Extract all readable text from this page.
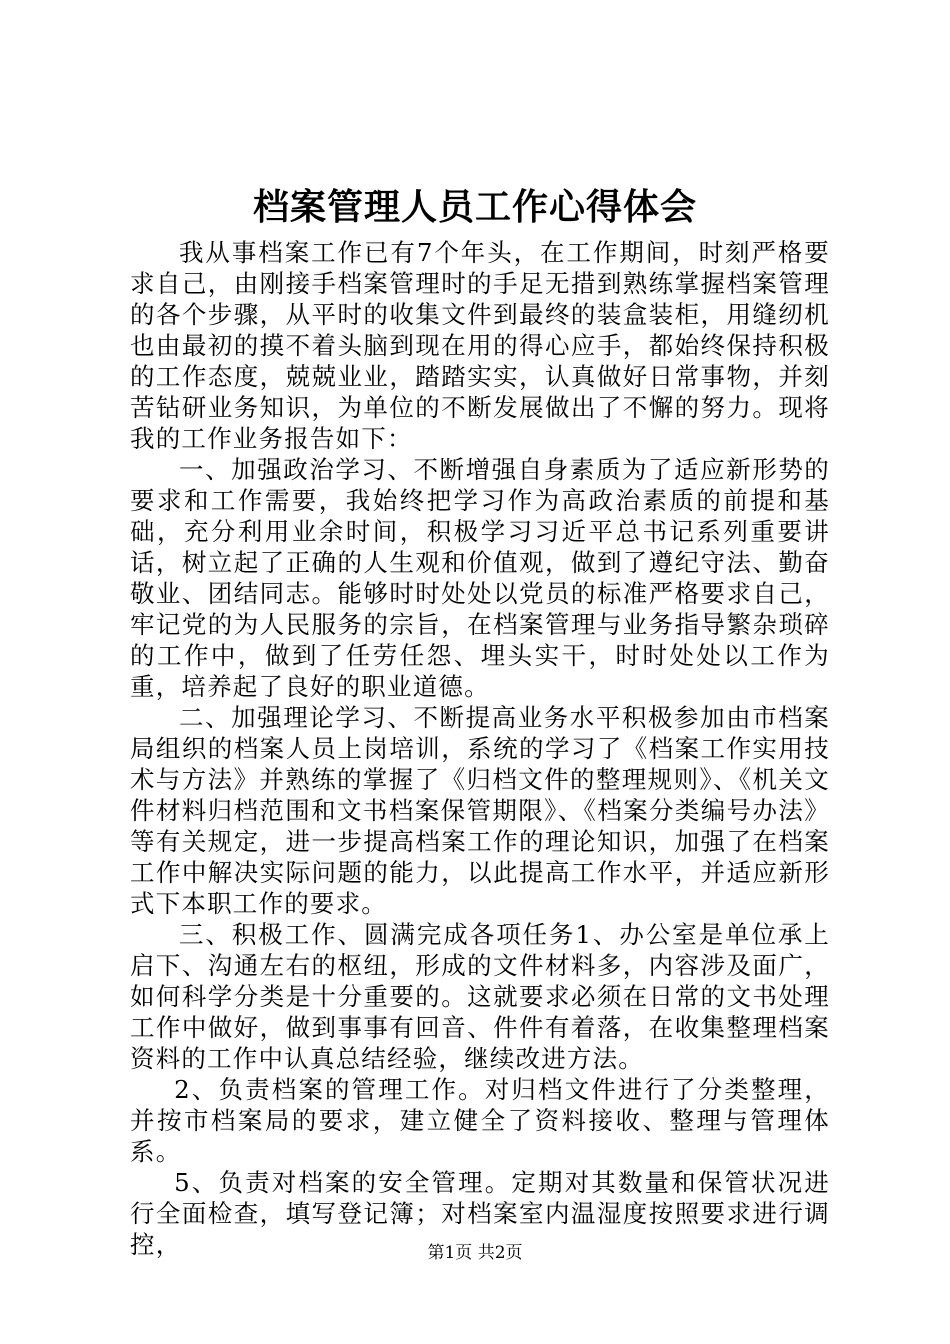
档案管理人员工作心得体会

我从事档案工作已有7个年头，在工作期间，时刻严格要求自己，由刚接手档案管理时的手足无措到熟练掌握档案管理的各个步骤，从平时的收集文件到最终的装盒装柜，用缝纫机也由最初的摸不着头脑到现在用的得心应手，都始终保持积极的工作态度，兢兢业业，踏踏实实，认真做好日常事物，并刻苦钻研业务知识，为单位的不断发展做出了不懈的努力。现将我的工作业务报告如下：

一、加强政治学习、不断增强自身素质为了适应新形势的要求和工作需要，我始终把学习作为高政治素质的前提和基础，充分利用业余时间，积极学习习近平总书记系列重要讲话，树立起了正确的人生观和价值观，做到了遵纪守法、勤奋敬业、团结同志。能够时时处处以党员的标准严格要求自己，牢记党的为人民服务的宗旨，在档案管理与业务指导繁杂琐碎的工作中，做到了任劳任怨、埋头实干，时时处处以工作为重，培养起了良好的职业道德。

二、加强理论学习、不断提高业务水平积极参加由市档案局组织的档案人员上岗培训，系统的学习了《档案工作实用技术与方法》并熟练的掌握了《归档文件的整理规则》、《机关文件材料归档范围和文书档案保管期限》、《档案分类编号办法》等有关规定，进一步提高档案工作的理论知识，加强了在档案工作中解决实际问题的能力，以此提高工作水平，并适应新形式下本职工作的要求。

三、积极工作、圆满完成各项任务1、办公室是单位承上启下、沟通左右的枢纽，形成的文件材料多，内容涉及面广，如何科学分类是十分重要的。这就要求必须在日常的文书处理工作中做好，做到事事有回音、件件有着落，在收集整理档案资料的工作中认真总结经验，继续改进方法。

2、负责档案的管理工作。对归档文件进行了分类整理，并按市档案局的要求，建立健全了资料接收、整理与管理体系。

5、负责对档案的安全管理。定期对其数量和保管状况进行全面检查，填写登记簿；对档案室内温湿度按照要求进行调控，	第1页 共2页
